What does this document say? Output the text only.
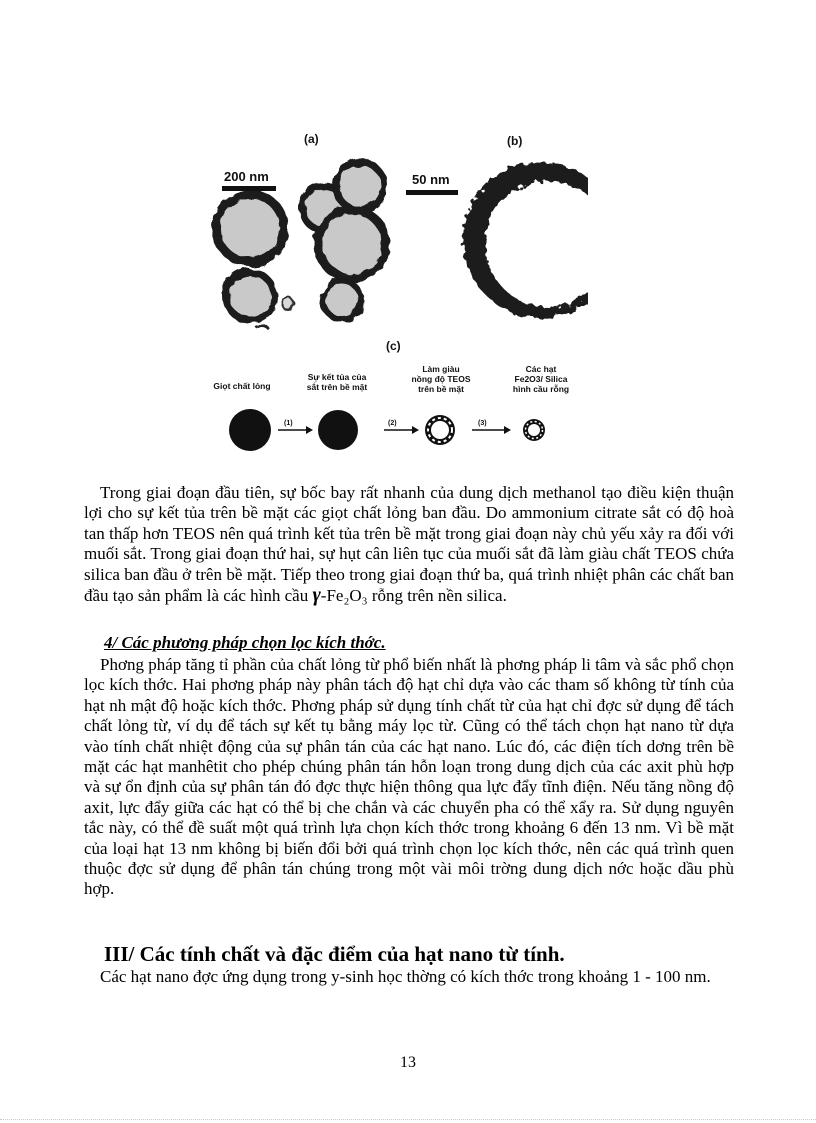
(a)	(b)
(c)
200 nm	50 nm
Giọt chất lỏng
Sự kết tủa của
sắt trên bề mặt
Làm giàu
nồng độ TEOS
trên bề mặt
Các hạt
Fe2O3/ Silica
hình cầu rỗng
(1)	(2)	(3)

Trong giai đoạn đầu tiên, sự bốc bay rất nhanh của dung dịch methanol tạo điều kiện thuận lợi cho sự kết tủa trên bề mặt các giọt chất lỏng ban đầu. Do ammonium citrate sắt có độ hoà tan thấp hơn TEOS nên quá trình kết tủa trên bề mặt trong giai đoạn này chủ yếu xảy ra đối với muối sắt. Trong giai đoạn thứ hai, sự hụt cân liên tục của muối sắt đã làm giàu chất TEOS chứa silica ban đầu ở trên bề mặt. Tiếp theo trong giai đoạn thứ ba, quá trình nhiệt phân các chất ban đầu tạo sản phẩm là các hình cầu γ-Fe₂O₃ rỗng trên nền silica.

4/ Các phương pháp chọn lọc kích thớc.

Phơng pháp tăng tỉ phần của chất lỏng từ phổ biến nhất là phơng pháp li tâm và sắc phổ chọn lọc kích thớc. Hai phơng pháp này phân tách độ hạt chỉ dựa vào các tham số không từ tính của hạt nh mật độ hoặc kích thớc. Phơng pháp sử dụng tính chất từ của hạt chỉ đợc sử dụng để tách chất lỏng từ, ví dụ để tách sự kết tụ bằng máy lọc từ. Cũng có thể tách chọn hạt nano từ dựa vào tính chất nhiệt động của sự phân tán của các hạt nano. Lúc đó, các điện tích dơng trên bề mặt các hạt manhêtit cho phép chúng phân tán hỗn loạn trong dung dịch của các axit phù hợp và sự ổn định của sự phân tán đó đợc thực hiện thông qua lực đẩy tĩnh điện. Nếu tăng nồng độ axit, lực đẩy giữa các hạt có thể bị che chắn và các chuyển pha có thể xẩy ra. Sử dụng nguyên tắc này, có thể đề suất một quá trình lựa chọn kích thớc trong khoảng 6 đến 13 nm. Vì bề mặt của loại hạt 13 nm không bị biến đổi bởi quá trình chọn lọc kích thớc, nên các quá trình quen thuộc đợc sử dụng để phân tán chúng trong một vài môi trờng dung dịch nớc hoặc dầu phù hợp.

III/ Các tính chất và đặc điểm của hạt nano từ tính.

Các hạt nano đợc ứng dụng trong y-sinh học thờng có kích thớc trong khoảng 1 - 100 nm.

13
